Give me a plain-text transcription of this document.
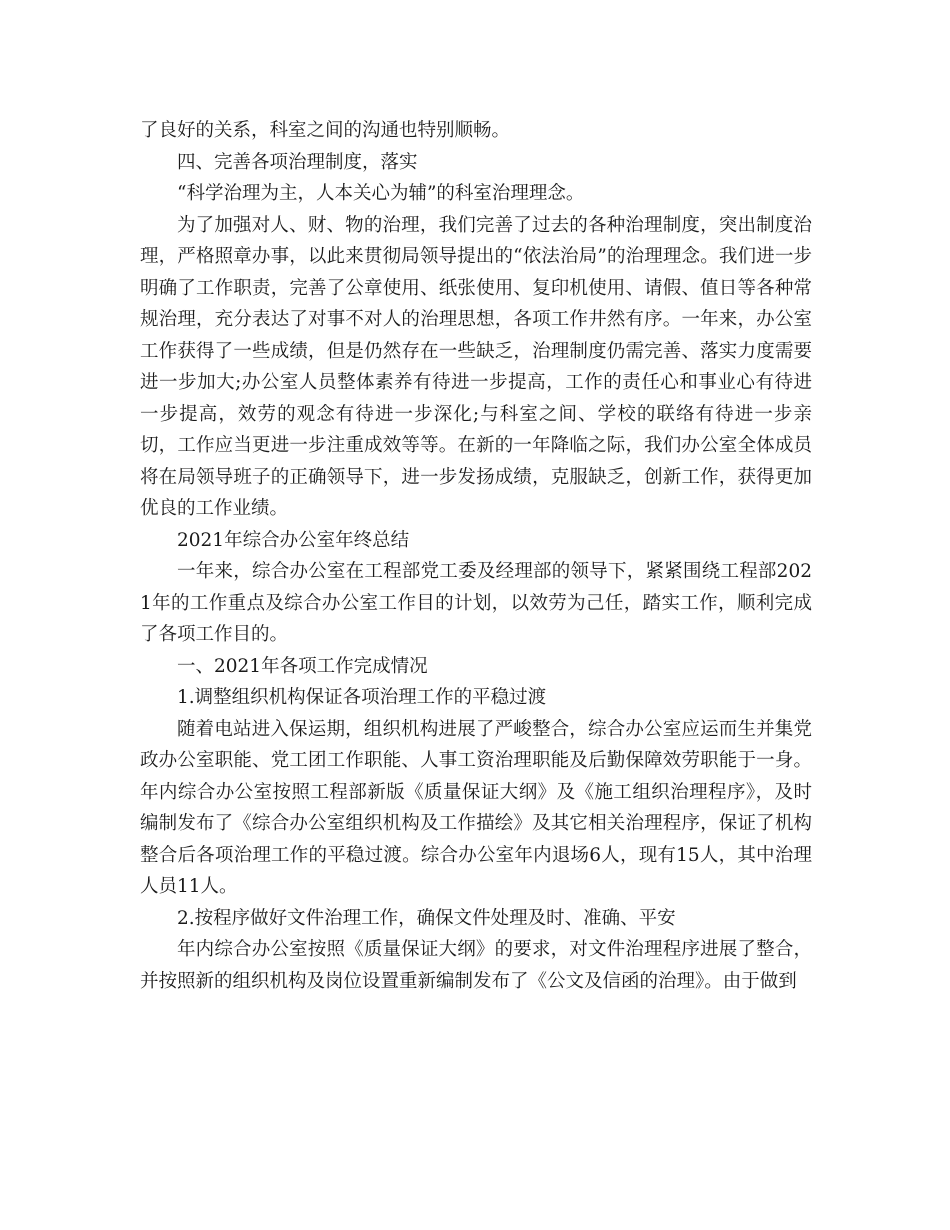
了良好的关系，科室之间的沟通也特别顺畅。

四、完善各项治理制度，落实

“科学治理为主，人本关心为辅”的科室治理理念。

为了加强对人、财、物的治理，我们完善了过去的各种治理制度，突出制度治理，严格照章办事，以此来贯彻局领导提出的“依法治局”的治理理念。我们进一步明确了工作职责，完善了公章使用、纸张使用、复印机使用、请假、值日等各种常规治理，充分表达了对事不对人的治理思想，各项工作井然有序。一年来，办公室工作获得了一些成绩，但是仍然存在一些缺乏，治理制度仍需完善、落实力度需要进一步加大;办公室人员整体素养有待进一步提高，工作的责任心和事业心有待进一步提高，效劳的观念有待进一步深化;与科室之间、学校的联络有待进一步亲切，工作应当更进一步注重成效等等。在新的一年降临之际，我们办公室全体成员将在局领导班子的正确领导下，进一步发扬成绩，克服缺乏，创新工作，获得更加优良的工作业绩。

2021年综合办公室年终总结

一年来，综合办公室在工程部党工委及经理部的领导下，紧紧围绕工程部2021年的工作重点及综合办公室工作目的计划，以效劳为己任，踏实工作，顺利完成了各项工作目的。

一、2021年各项工作完成情况

1.调整组织机构保证各项治理工作的平稳过渡

随着电站进入保运期，组织机构进展了严峻整合，综合办公室应运而生并集党政办公室职能、党工团工作职能、人事工资治理职能及后勤保障效劳职能于一身。年内综合办公室按照工程部新版《质量保证大纲》及《施工组织治理程序》，及时编制发布了《综合办公室组织机构及工作描绘》及其它相关治理程序，保证了机构整合后各项治理工作的平稳过渡。综合办公室年内退场6人，现有15人，其中治理人员11人。

2.按程序做好文件治理工作，确保文件处理及时、准确、平安

年内综合办公室按照《质量保证大纲》的要求，对文件治理程序进展了整合，并按照新的组织机构及岗位设置重新编制发布了《公文及信函的治理》。由于做到
